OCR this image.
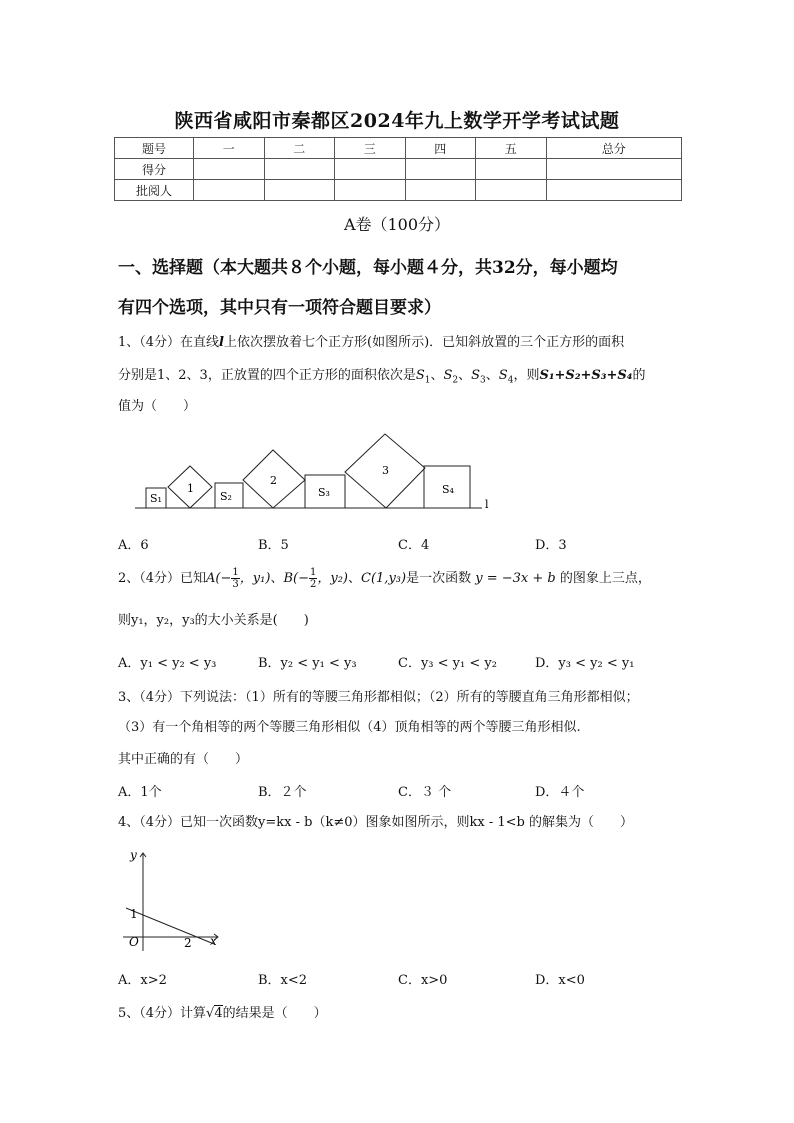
陕西省咸阳市秦都区2024年九上数学开学考试试题
题号	一	二	三	四	五	总分
得分						
批阅人						
A卷（100分）
一、选择题（本大题共８个小题，每小题４分，共32分，每小题均
有四个选项，其中只有一项符合题目要求）
1、（4分）在直线l上依次摆放着七个正方形(如图所示)．已知斜放置的三个正方形的面积
分别是1、2、3，正放置的四个正方形的面积依次是$S_1$、$S_2$、$S_3$、$S_4$，则S₁+S₂+S₃+S₄的
值为（　　）
S₁
1
S₂
2
S₃
3
S₄
l
A．6	B．5	C．4	D．3
2、（4分）已知$A(- \frac{1}{3}$ ，y₁)、$B(- \frac{1}{2}$ ，y₂)、C(1,y₃)是一次函数 y = −3x + b 的图象上三点，
则y₁，y₂，y₃的大小关系是(　　)
A．y₁ < y₂ < y₃	B．y₂ < y₁ < y₃	C．y₃ < y₁ < y₂	D．y₃ < y₂ < y₁
3、（4分）下列说法：（1）所有的等腰三角形都相似；（2）所有的等腰直角三角形都相似；
（3）有一个角相等的两个等腰三角形相似（4）顶角相等的两个等腰三角形相似.
其中正确的有（　　）
A．1个	B．２个	C．３ 个	D．４个
4、（4分）已知一次函数y=kx - b（k≠0）图象如图所示，则kx - 1<b 的解集为（　　）
y
x
O
1
2
A．x>2	B．x<2	C．x>0	D．x<0
5、（4分）计算√4的结果是（　　）
